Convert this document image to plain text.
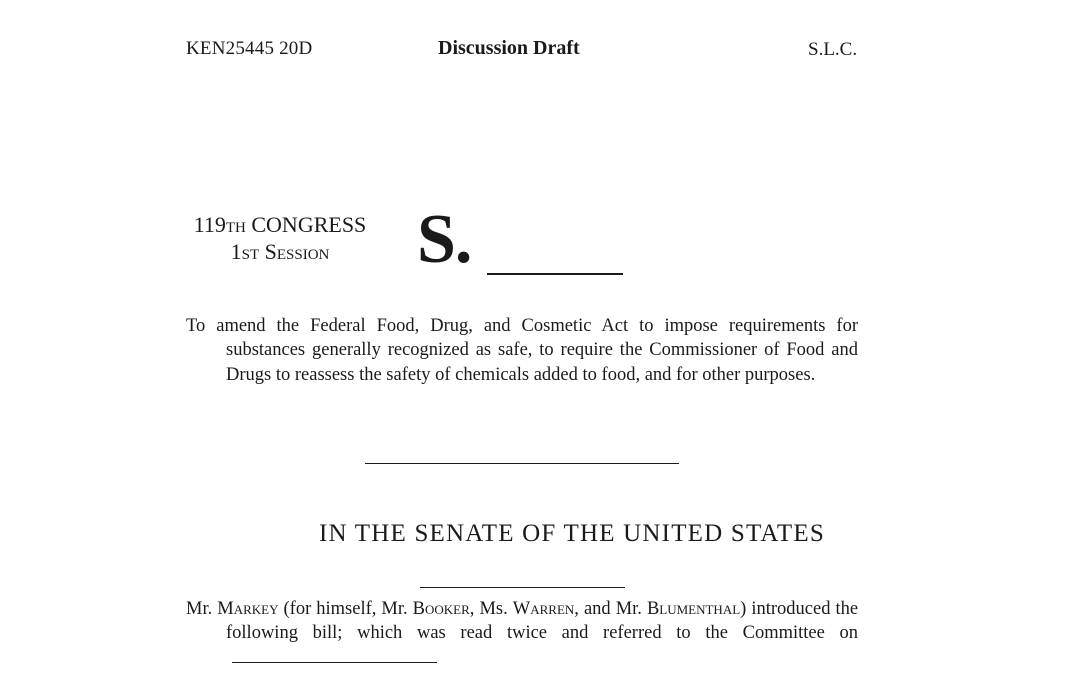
KEN25445 20D	Discussion Draft	S.L.C.
119TH CONGRESS
1ST SESSION	S.
To amend the Federal Food, Drug, and Cosmetic Act to impose requirements for substances generally recognized as safe, to require the Commissioner of Food and Drugs to reassess the safety of chemicals added to food, and for other purposes.
IN THE SENATE OF THE UNITED STATES
Mr. Markey (for himself, Mr. Booker, Ms. Warren, and Mr. Blumenthal) introduced the following bill; which was read twice and referred to the Committee on
